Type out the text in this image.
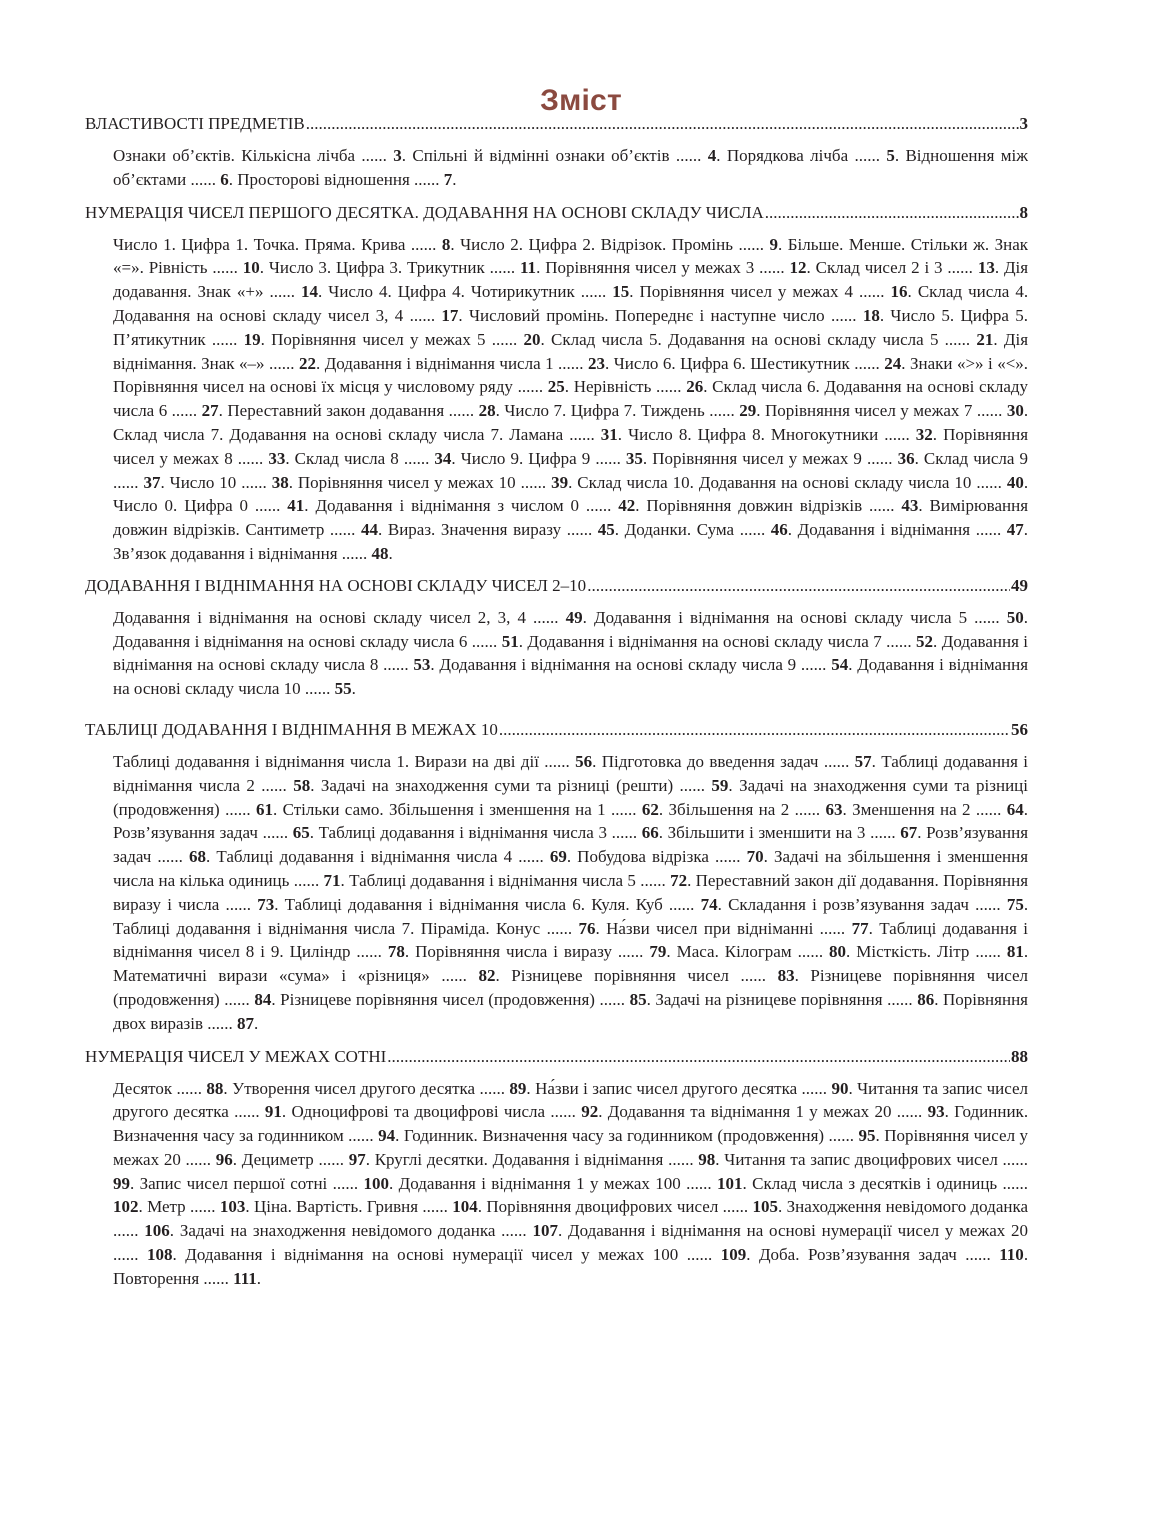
Зміст
ВЛАСТИВОСТІ ПРЕДМЕТІВ .....	3
Ознаки об’єктів. Кількісна лічба ...... 3. Спільні й відмінні ознаки об’єктів ...... 4. Порядкова лічба ...... 5. Відношення між об’єктами ...... 6. Просторові відношення ...... 7.
НУМЕРАЦІЯ ЧИСЕЛ ПЕРШОГО ДЕСЯТКА. ДОДАВАННЯ НА ОСНОВІ СКЛАДУ ЧИСЛА .....	8
Число 1. Цифра 1. Точка. Пряма. Крива ...... 8. Число 2. Цифра 2. Відрізок. Промінь ...... 9. Більше. Менше. Стільки ж. Знак «=». Рівність ...... 10. Число 3. Цифра 3. Трикутник ...... 11. Порівняння чисел у межах 3 ...... 12. Склад чисел 2 і 3 ...... 13. Дія додавання. Знак «+» ...... 14. Число 4. Цифра 4. Чотирикутник ...... 15. Порівняння чисел у межах 4 ...... 16. Склад числа 4. Додавання на основі складу чисел 3, 4 ...... 17. Числовий промінь. Попереднє і наступне число ...... 18. Число 5. Цифра 5. П’ятикутник ...... 19. Порівняння чисел у межах 5 ...... 20. Склад числа 5. Додавання на основі складу числа 5 ...... 21. Дія віднімання. Знак «–» ...... 22. Додавання і віднімання числа 1 ...... 23. Число 6. Цифра 6. Шестикутник ...... 24. Знаки «>» і «<». Порівняння чисел на основі їх місця у числовому ряду ...... 25. Нерівність ...... 26. Склад числа 6. Додавання на основі складу числа 6 ...... 27. Переставний закон додавання ...... 28. Число 7. Цифра 7. Тиждень ...... 29. Порівняння чисел у межах 7 ...... 30. Склад числа 7. Додавання на основі складу числа 7. Ламана ...... 31. Число 8. Цифра 8. Многокутники ...... 32. Порівняння чисел у межах 8 ...... 33. Склад числа 8 ...... 34. Число 9. Цифра 9 ...... 35. Порівняння чисел у межах 9 ...... 36. Склад числа 9 ...... 37. Число 10 ...... 38. Порівняння чисел у межах 10 ...... 39. Склад числа 10. Додавання на основі складу числа 10 ...... 40. Число 0. Цифра 0 ...... 41. Додавання і віднімання з числом 0 ...... 42. Порівняння довжин відрізків ...... 43. Вимірювання довжин відрізків. Сантиметр ...... 44. Вираз. Значення виразу ...... 45. Доданки. Сума ...... 46. Додавання і віднімання ...... 47. Зв’язок додавання і віднімання ...... 48.
ДОДАВАННЯ І ВІДНІМАННЯ НА ОСНОВІ СКЛАДУ ЧИСЕЛ 2–10 .....	49
Додавання і віднімання на основі складу чисел 2, 3, 4 ...... 49. Додавання і віднімання на основі складу числа 5 ...... 50. Додавання і віднімання на основі складу числа 6 ...... 51. Додавання і віднімання на основі складу числа 7 ...... 52. Додавання і віднімання на основі складу числа 8 ...... 53. Додавання і віднімання на основі складу числа 9 ...... 54. Додавання і віднімання на основі складу числа 10 ...... 55.
ТАБЛИЦІ ДОДАВАННЯ І ВІДНІМАННЯ В МЕЖАХ 10 .....	56
Таблиці додавання і віднімання числа 1. Вирази на дві дії ...... 56. Підготовка до введення задач ...... 57. Таблиці додавання і віднімання числа 2 ...... 58. Задачі на знаходження суми та різниці (решти) ...... 59. Задачі на знаходження суми та різниці (продовження) ...... 61. Стільки само. Збільшення і зменшення на 1 ...... 62. Збільшення на 2 ...... 63. Зменшення на 2 ...... 64. Розв’язування задач ...... 65. Таблиці додавання і віднімання числа 3 ...... 66. Збільшити і зменшити на 3 ...... 67. Розв’язування задач ...... 68. Таблиці додавання і віднімання числа 4 ...... 69. Побудова відрізка ...... 70. Задачі на збільшення і зменшення числа на кілька одиниць ...... 71. Таблиці додавання і віднімання числа 5 ...... 72. Переставний закон дії додавання. Порівняння виразу і числа ...... 73. Таблиці додавання і віднімання числа 6. Куля. Куб ...... 74. Складання і розв’язування задач ...... 75. Таблиці додавання і віднімання числа 7. Піраміда. Конус ...... 76. На́зви чисел при відніманні ...... 77. Таблиці додавання і віднімання чисел 8 і 9. Циліндр ...... 78. Порівняння числа і виразу ...... 79. Маса. Кілограм ...... 80. Місткість. Літр ...... 81. Математичні вирази «сума» і «різниця» ...... 82. Різницеве порівняння чисел ...... 83. Різницеве порівняння чисел (продовження) ...... 84. Різницеве порівняння чисел (продовження) ...... 85. Задачі на різницеве порівняння ...... 86. Порівняння двох виразів ...... 87.
НУМЕРАЦІЯ ЧИСЕЛ У МЕЖАХ СОТНІ .....	88
Десяток ...... 88. Утворення чисел другого десятка ...... 89. На́зви і запис чисел другого десятка ...... 90. Читання та запис чисел другого десятка ...... 91. Одноцифрові та двоцифрові числа ...... 92. Додавання та віднімання 1 у межах 20 ...... 93. Годинник. Визначення часу за годинником ...... 94. Годинник. Визначення часу за годинником (продовження) ...... 95. Порівняння чисел у межах 20 ...... 96. Дециметр ...... 97. Круглі десятки. Додавання і віднімання ...... 98. Читання та запис двоцифрових чисел ...... 99. Запис чисел першої сотні ...... 100. Додавання і віднімання 1 у межах 100 ...... 101. Склад числа з десятків і одиниць ...... 102. Метр ...... 103. Ціна. Вартість. Гривня ...... 104. Порівняння двоцифрових чисел ...... 105. Знаходження невідомого доданка ...... 106. Задачі на знаходження невідомого доданка ...... 107. Додавання і віднімання на основі нумерації чисел у межах 20 ...... 108. Додавання і віднімання на основі нумерації чисел у межах 100 ...... 109. Доба. Розв’язування задач ...... 110. Повторення ...... 111.
